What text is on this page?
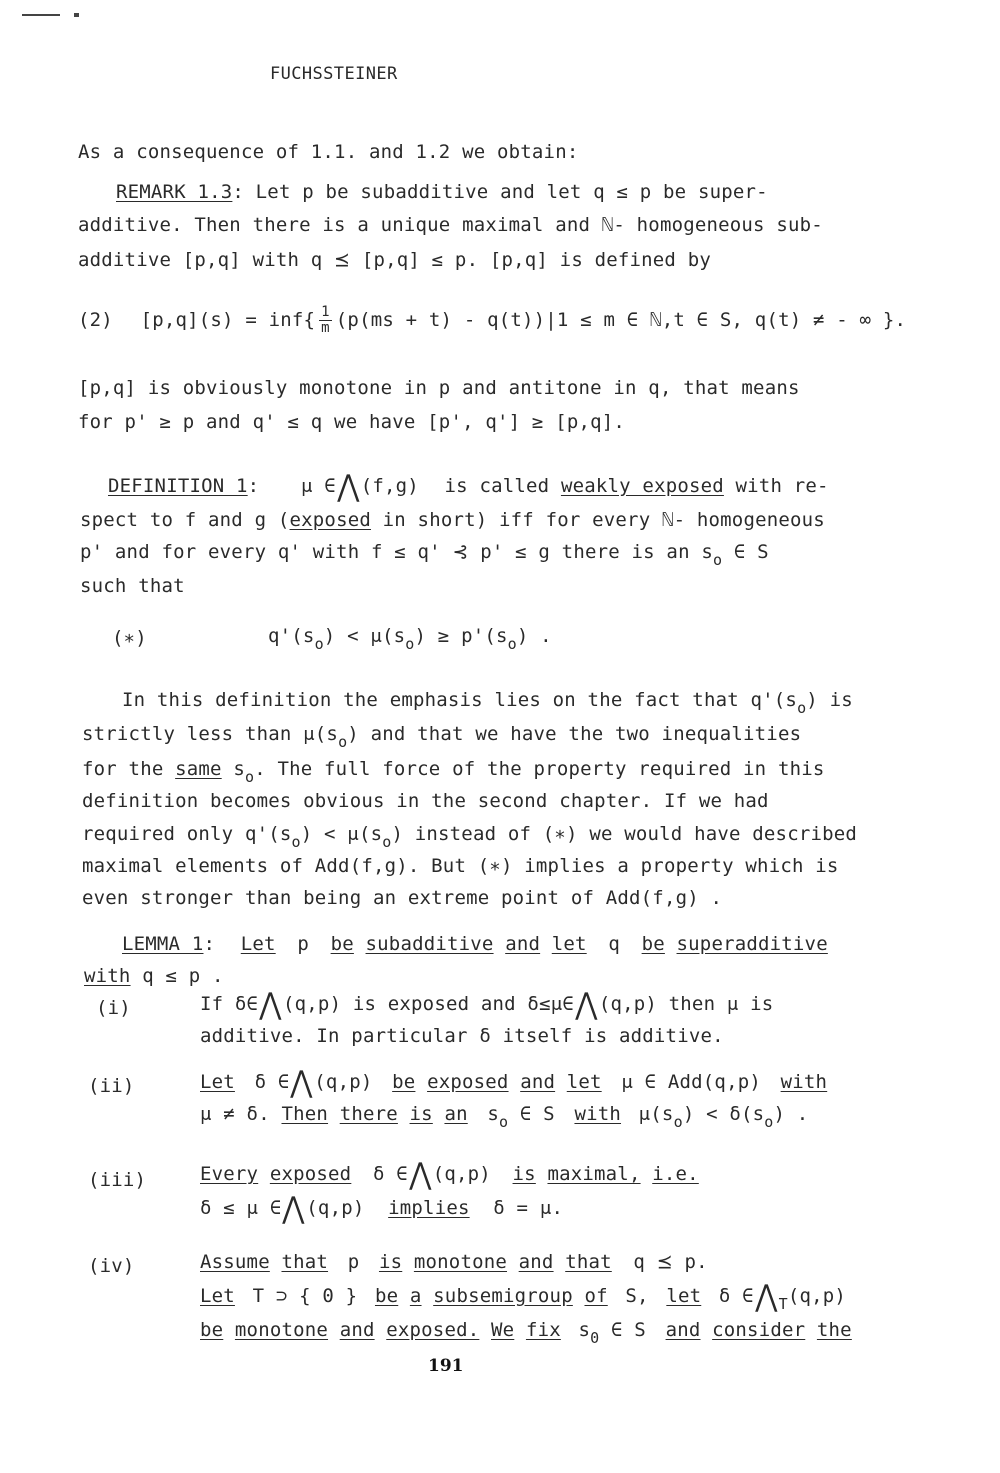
FUCHSSTEINER
As a consequence of 1.1. and 1.2 we obtain:
REMARK 1.3: Let p be subadditive and let q ≤ p be super-
additive. Then there is a unique maximal and ℕ- homogeneous sub-
additive [p,q] with q ⪯ [p,q] ≤ p. [p,q] is defined by
(2) $[p,q](s) = inf\{ \frac{1}{m} (p(ms + t) - q(t))|1 \le m$ ∈ ℕ,t ∈ S, q(t) ≠ - ∞ }.
[p,q] is obviously monotone in p and antitone in q, that means
for p' ≥ p and q' ≤ q we have [p', q'] ≥ [p,q].
DEFINITION 1: μ ∈⋀(f,g) is called weakly exposed with re-
spect to f and g (exposed in short) iff for every ℕ- homogeneous
p' and for every q' with f ≤ q' ⊰ p' ≤ g there is an $s_o$ ∈ S
such that
(∗)	$q'(s_o) < \mu(s_o) \ge p'(s_o)$ .
In this definition the emphasis lies on the fact that $q'(s_o)$ is
strictly less than $\mu(s_o)$ and that we have the two inequalities
for the same $s_o$. The full force of the property required in this
definition becomes obvious in the second chapter. If we had
required only $q'(s_o) < \mu(s_o)$ instead of (∗) we would have described
maximal elements of Add(f,g). But (∗) implies a property which is
even stronger than being an extreme point of Add(f,g) .
LEMMA 1: Let p be subadditive and let q be superadditive
with q ≤ p .
(i)	If δ∈⋀(q,p) is exposed and δ≤μ∈⋀(q,p) then μ is
additive. In particular δ itself is additive.
(ii)	Let δ ∈⋀(q,p) be exposed and let μ ∈ Add(q,p) with
μ ≠ δ. Then there is an $s_o$ ∈ S with $\mu(s_o) < \delta(s_o)$ .
(iii)	Every exposed δ ∈⋀(q,p) is maximal, i.e.
δ ≤ μ ∈⋀(q,p) implies δ = μ.
(iv)	Assume that p is monotone and that q ⪯ p.
Let T ⊃ { 0 } be a subsemigroup of S, let δ $\in⋀_T(q,p)$
be monotone and exposed. We fix $s_0$ ∈ S and consider the
191
